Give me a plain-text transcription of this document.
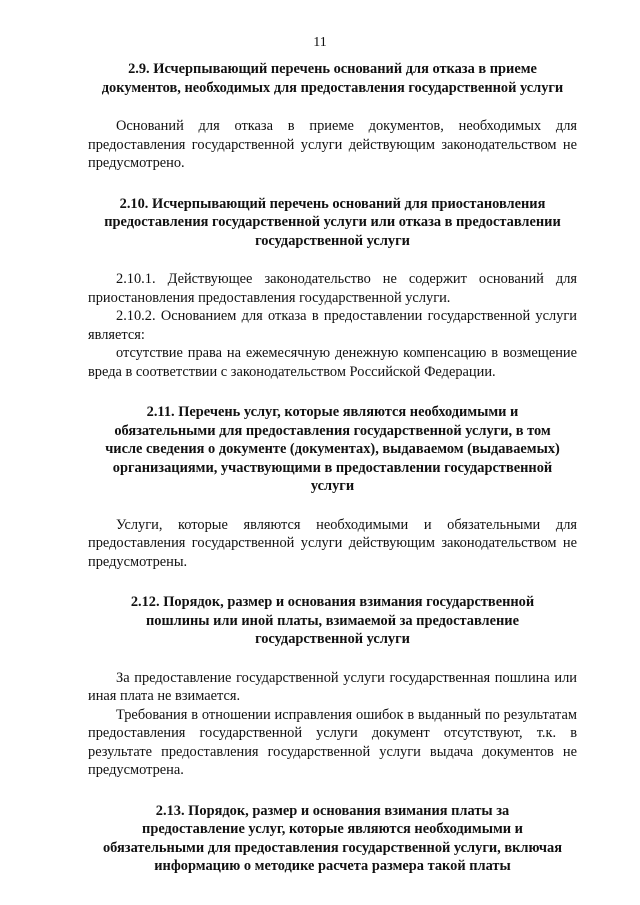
11
2.9. Исчерпывающий перечень оснований для отказа в приеме
документов, необходимых для предоставления государственной услуги

Оснований для отказа в приеме документов, необходимых для предоставления государственной услуги действующим законодательством не предусмотрено.

2.10. Исчерпывающий перечень оснований для приостановления
предоставления государственной услуги или отказа в предоставлении
государственной услуги

2.10.1. Действующее законодательство не содержит оснований для приостановления предоставления государственной услуги.

2.10.2. Основанием для отказа в предоставлении государственной услуги является:

отсутствие права на ежемесячную денежную компенсацию в возмещение вреда в соответствии с законодательством Российской Федерации.

2.11. Перечень услуг, которые являются необходимыми и
обязательными для предоставления государственной услуги, в том
числе сведения о документе (документах), выдаваемом (выдаваемых)
организациями, участвующими в предоставлении государственной
услуги

Услуги, которые являются необходимыми и обязательными для предоставления государственной услуги действующим законодательством не предусмотрены.

2.12. Порядок, размер и основания взимания государственной
пошлины или иной платы, взимаемой за предоставление
государственной услуги

За предоставление государственной услуги государственная пошлина или иная плата не взимается.

Требования в отношении исправления ошибок в выданный по результатам предоставления государственной услуги документ отсутствуют, т.к. в результате предоставления государственной услуги выдача документов не предусмотрена.

2.13. Порядок, размер и основания взимания платы за
предоставление услуг, которые являются необходимыми и
обязательными для предоставления государственной услуги, включая
информацию о методике расчета размера такой платы
